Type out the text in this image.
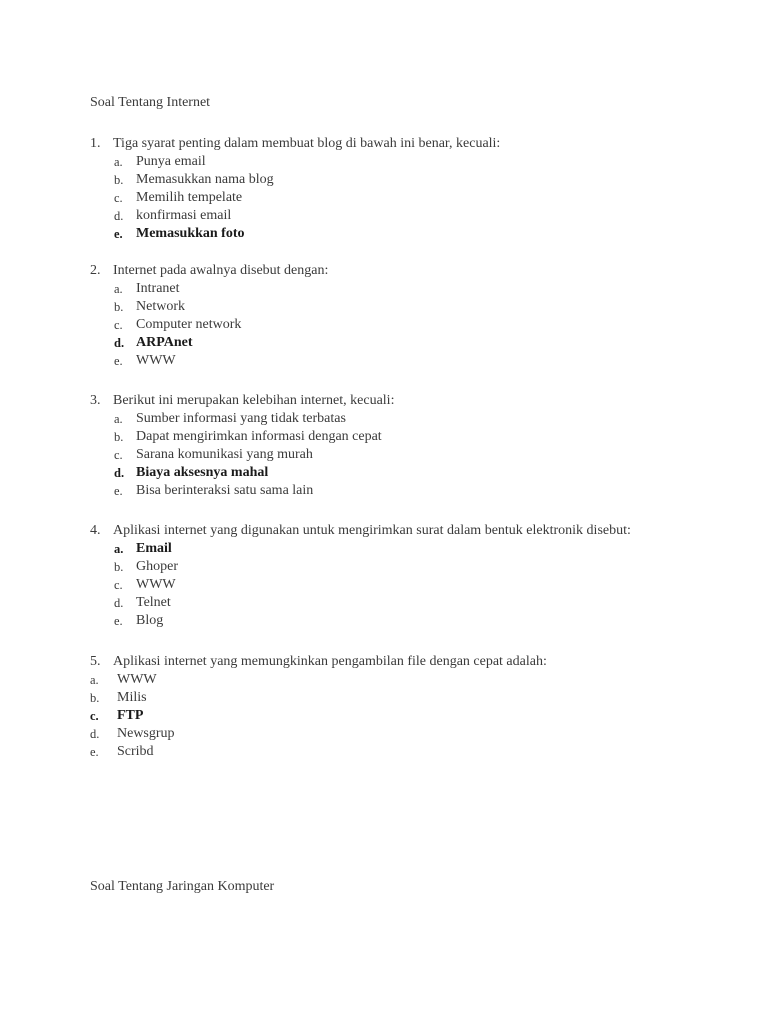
Soal Tentang Internet
1. Tiga syarat penting dalam membuat blog di bawah ini benar, kecuali:
a. Punya email
b. Memasukkan nama blog
c. Memilih tempelate
d. konfirmasi email
e. Memasukkan foto
2. Internet pada awalnya disebut dengan:
a. Intranet
b. Network
c. Computer network
d. ARPAnet
e. WWW
3. Berikut ini merupakan kelebihan internet, kecuali:
a. Sumber informasi yang tidak terbatas
b. Dapat mengirimkan informasi dengan cepat
c. Sarana komunikasi yang murah
d. Biaya aksesnya mahal
e. Bisa berinteraksi satu sama lain
4. Aplikasi internet yang digunakan untuk mengirimkan surat dalam bentuk elektronik disebut:
a. Email
b. Ghoper
c. WWW
d. Telnet
e. Blog
5. Aplikasi internet yang memungkinkan pengambilan file dengan cepat adalah:
a.	WWW
b.	Milis
c.	FTP
d.	Newsgrup
e.	Scribd
Soal Tentang Jaringan Komputer
